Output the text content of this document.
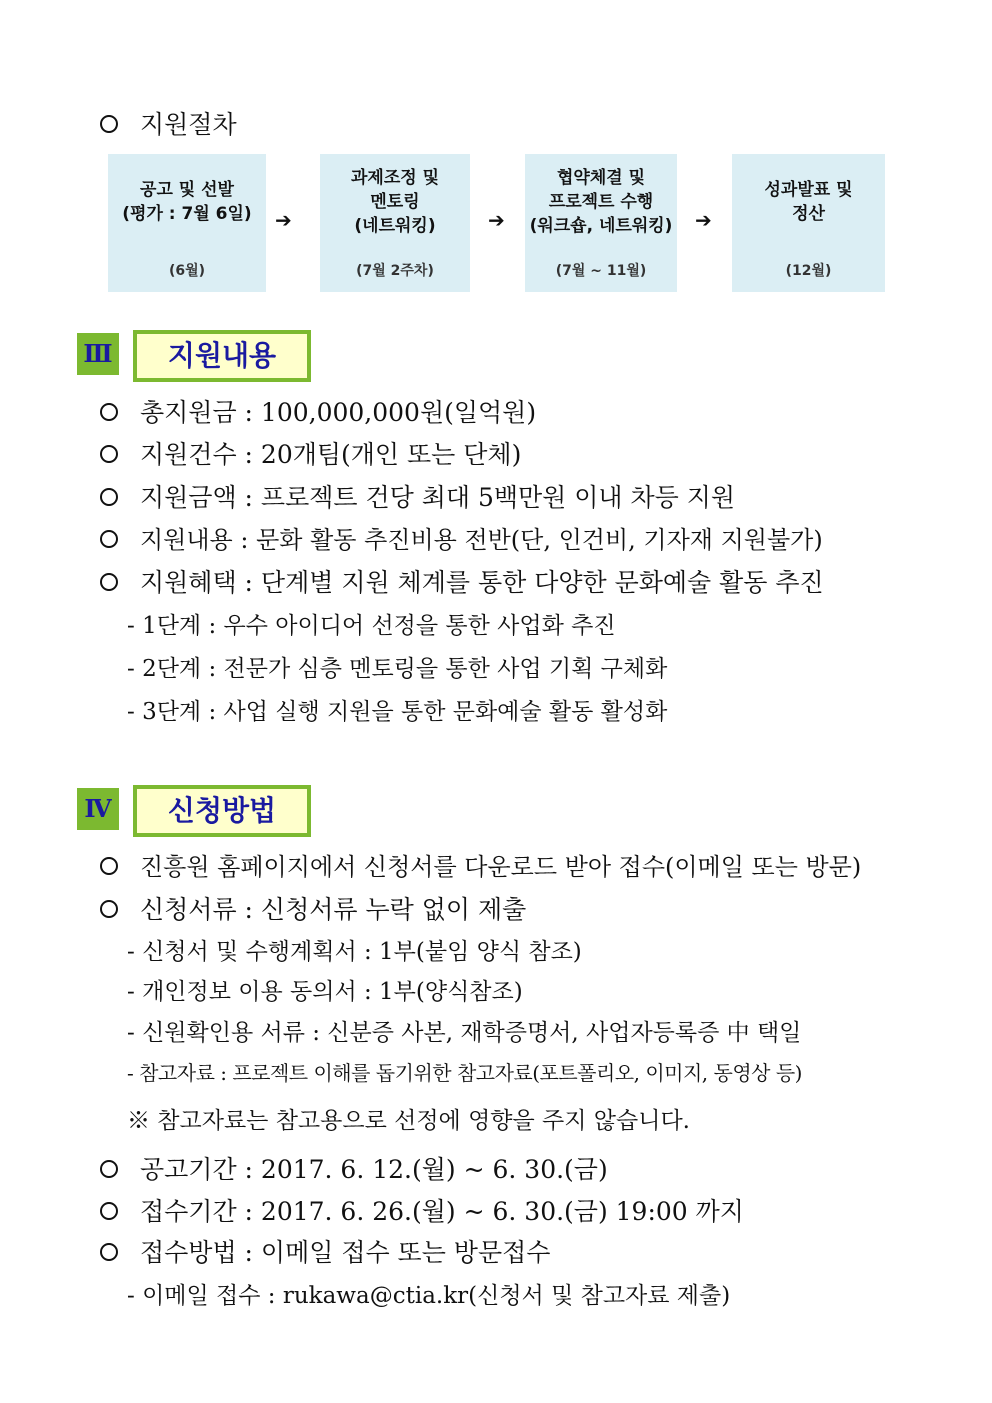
지원절차
공고 및 선발
(평가 : 7월 6일)
(6월)
➔
과제조정 및
멘토링
(네트워킹)
(7월 2주차)
➔
협약체결 및
프로젝트 수행
(워크숍, 네트워킹)
(7월 ~ 11월)
➔
성과발표 및
정산
(12월)
Ⅲ	지원내용
총지원금 : 100,000,000원(일억원)
지원건수 : 20개팀(개인 또는 단체)
지원금액 : 프로젝트 건당 최대 5백만원 이내 차등 지원
지원내용 : 문화 활동 추진비용 전반(단, 인건비, 기자재 지원불가)
지원혜택 : 단계별 지원 체계를 통한 다양한 문화예술 활동 추진
- 1단계 : 우수 아이디어 선정을 통한 사업화 추진
- 2단계 : 전문가 심층 멘토링을 통한 사업 기획 구체화
- 3단계 : 사업 실행 지원을 통한 문화예술 활동 활성화
Ⅳ	신청방법
진흥원 홈페이지에서 신청서를 다운로드 받아 접수(이메일 또는 방문)
신청서류 : 신청서류 누락 없이 제출
- 신청서 및 수행계획서 : 1부(붙임 양식 참조)
- 개인정보 이용 동의서 : 1부(양식참조)
- 신원확인용 서류 : 신분증 사본, 재학증명서, 사업자등록증 中 택일
- 참고자료 : 프로젝트 이해를 돕기위한 참고자료(포트폴리오, 이미지, 동영상 등)
※ 참고자료는 참고용으로 선정에 영향을 주지 않습니다.
공고기간 : 2017. 6. 12.(월) ~ 6. 30.(금)
접수기간 : 2017. 6. 26.(월) ~ 6. 30.(금) 19:00 까지
접수방법 : 이메일 접수 또는 방문접수
- 이메일 접수 : rukawa@ctia.kr(신청서 및 참고자료 제출)
